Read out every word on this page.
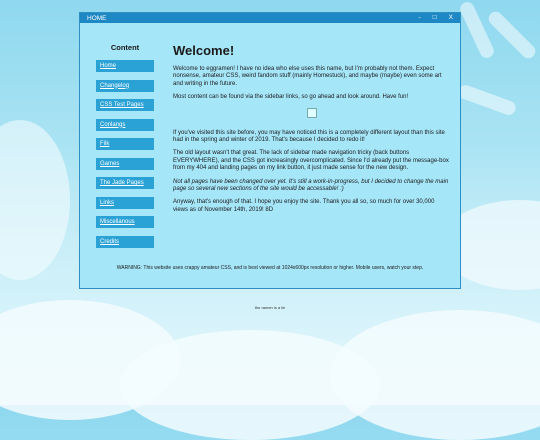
HOME	- □ X
Content
Home
Changelog
CSS Test Pages
Conlangs
Filk
Games
The Jade Pages
Links
Miscellanous
Credits
Welcome!

Welcome to eggramen! I have no idea who else uses this name, but I'm probably not them. Expect nonsense, amateur CSS, weird fandom stuff (mainly Homestuck), and maybe (maybe) even some art and writing in the future.

Most content can be found via the sidebar links, so go ahead and look around. Have fun!

If you've visited this site before, you may have noticed this is a completely different layout than this site had in the spring and winter of 2019. That's because I decided to redo it!

The old layout wasn't that great. The lack of sidebar made navigation tricky (back buttons EVERYWHERE), and the CSS got increasingly overcomplicated. Since I'd already put the message-box from my 404 and landing pages on my link button, it just made sense for the new design.

Not all pages have been changed over yet. It's still a work-in-progress, but I decided to change the main page so several new sections of the site would be accessable! :)

Anyway, that's enough of that. I hope you enjoy the site. Thank you all so, so much for over 30,000 views as of November 14th, 2019! 8D

WARNING: This website uses crappy amateur CSS, and is best viewed at 1024x600px resolution or higher. Mobile users, watch your step.
the ramen is a lie
